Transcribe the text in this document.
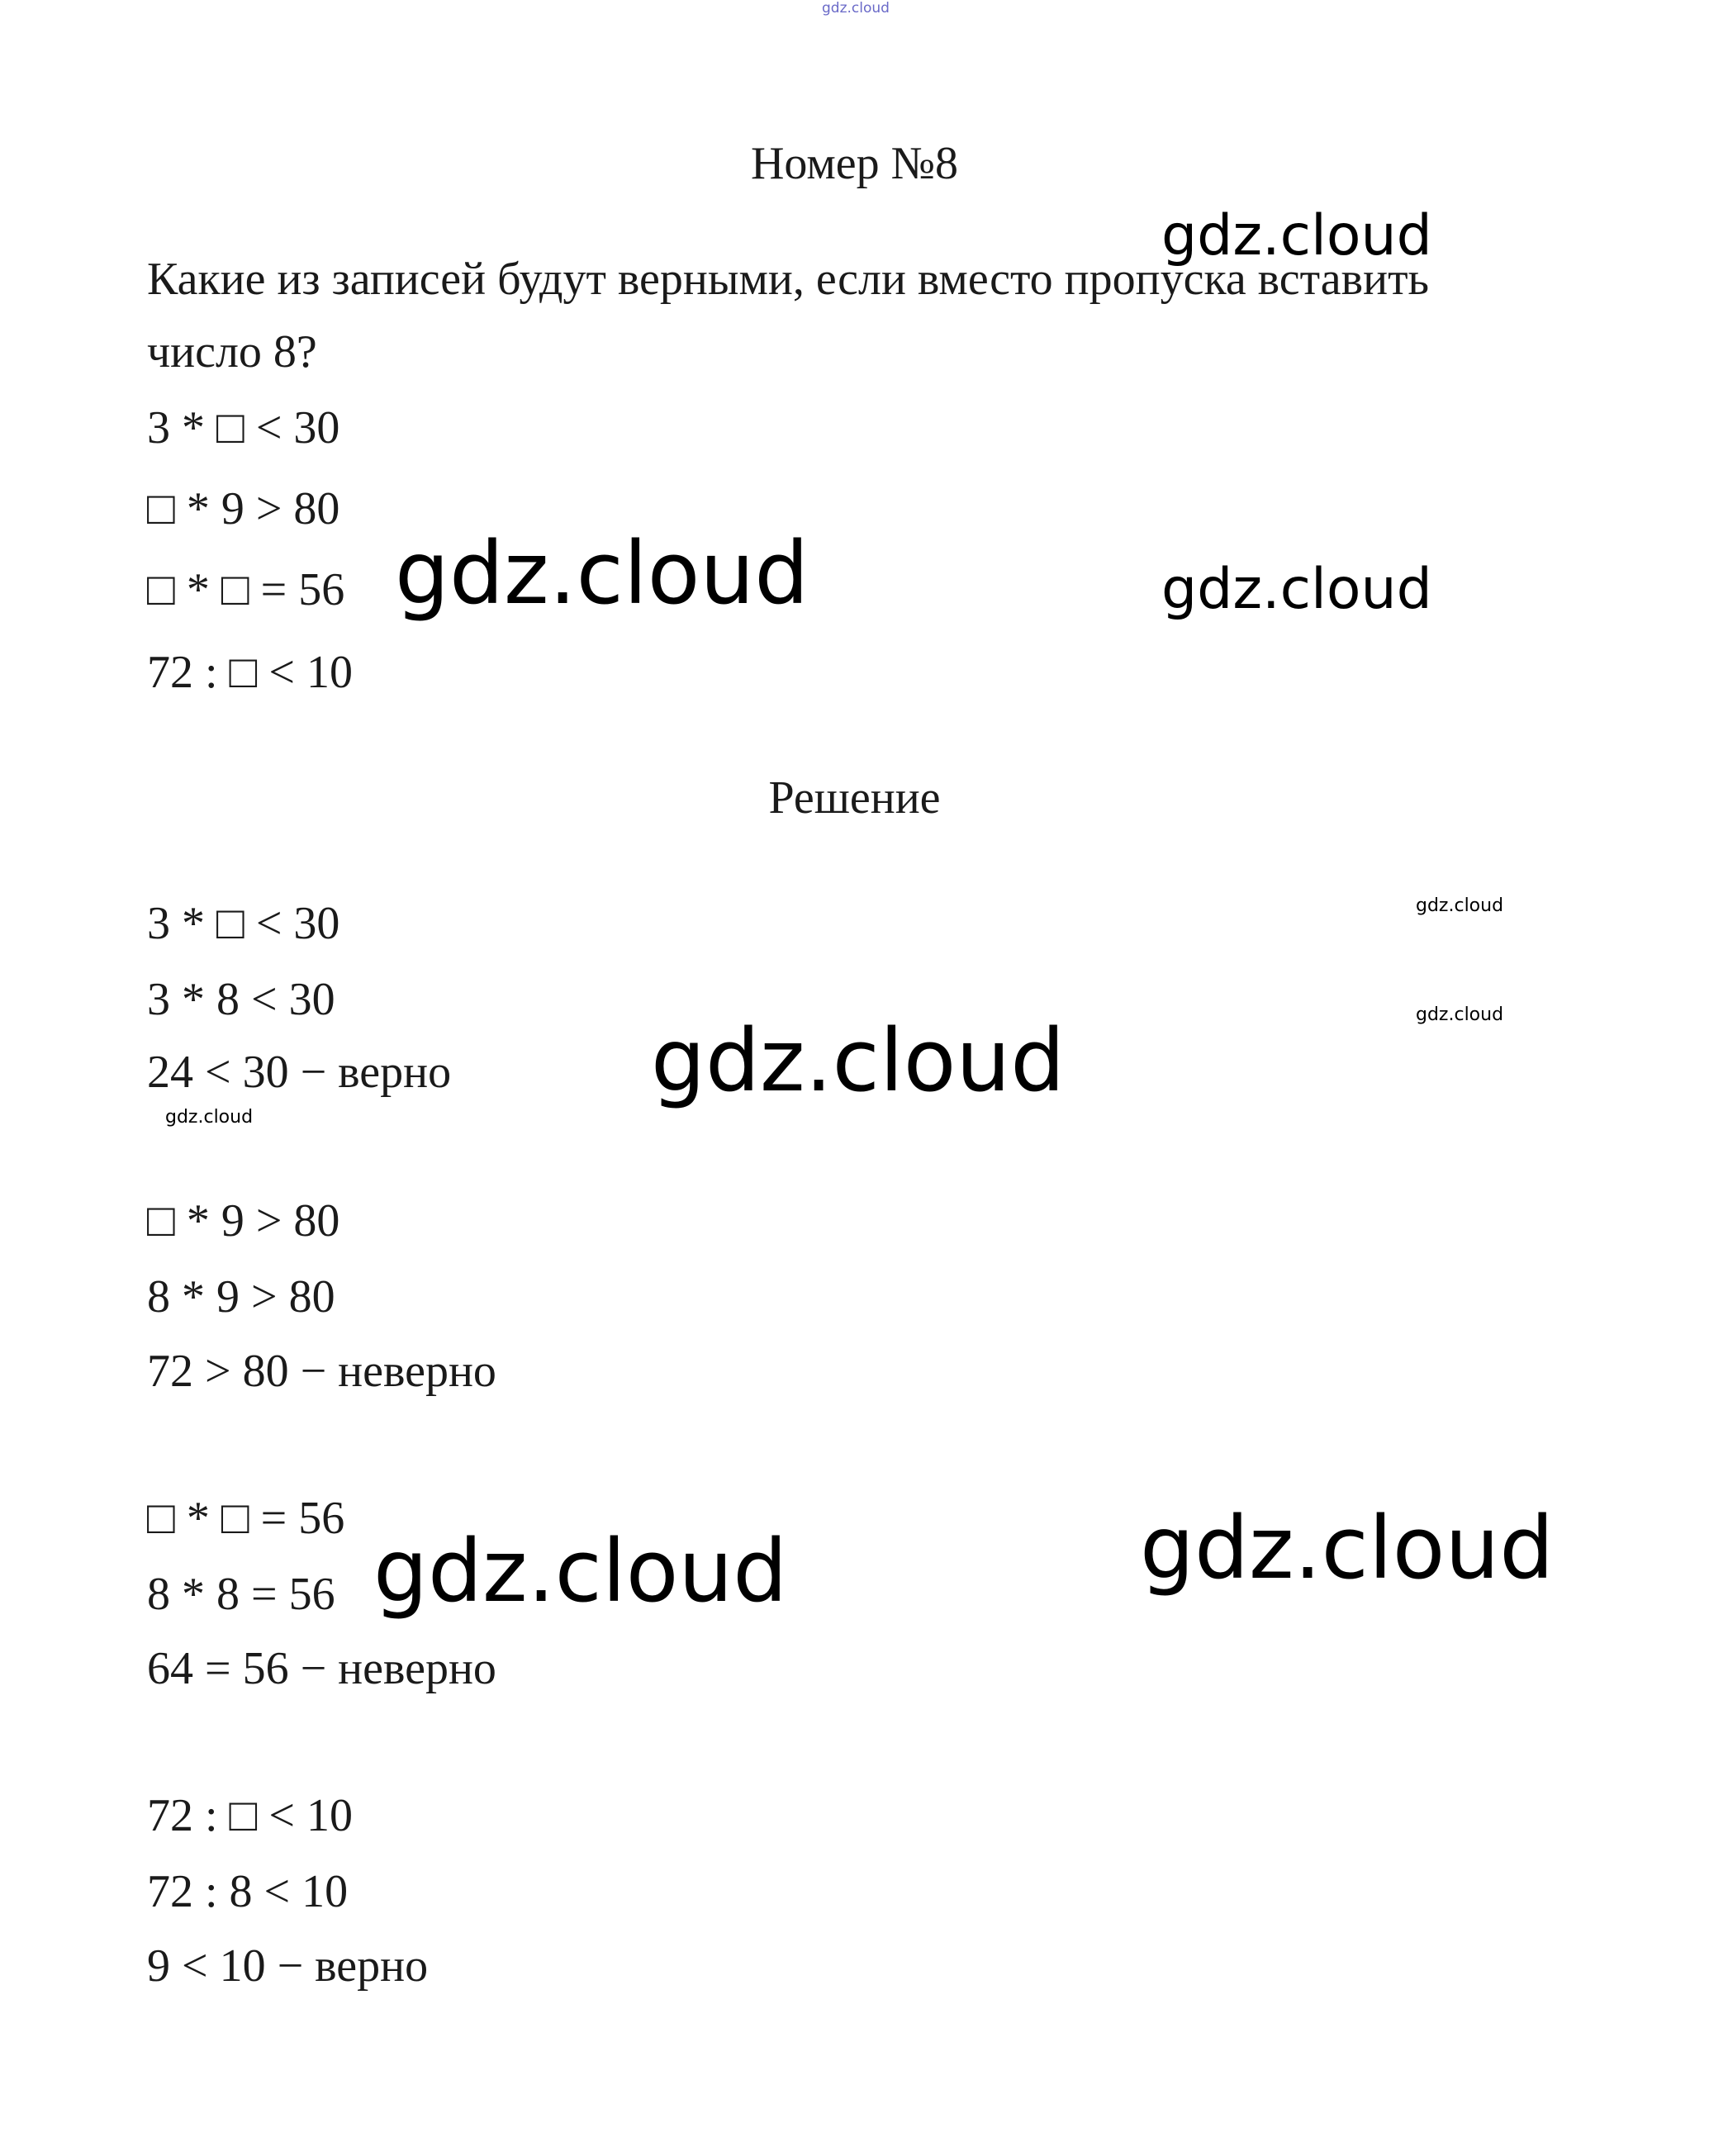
gdz.cloud
Номер №8
Какие из записей будут верными, если вместо пропуска вставить
число 8?
3 * □ < 30
□ * 9 > 80
□ * □ = 56
72 : □ < 10
Решение
3 * □ < 30
3 * 8 < 30
24 < 30 − верно
□ * 9 > 80
8 * 9 > 80
72 > 80 − неверно
□ * □ = 56
8 * 8 = 56
64 = 56 − неверно
72 : □ < 10
72 : 8 < 10
9 < 10 − верно
gdz.cloud
gdz.cloud	gdz.cloud
gdz.cloud
gdz.cloud
gdz.cloud
gdz.cloud
gdz.cloud
gdz.cloud
